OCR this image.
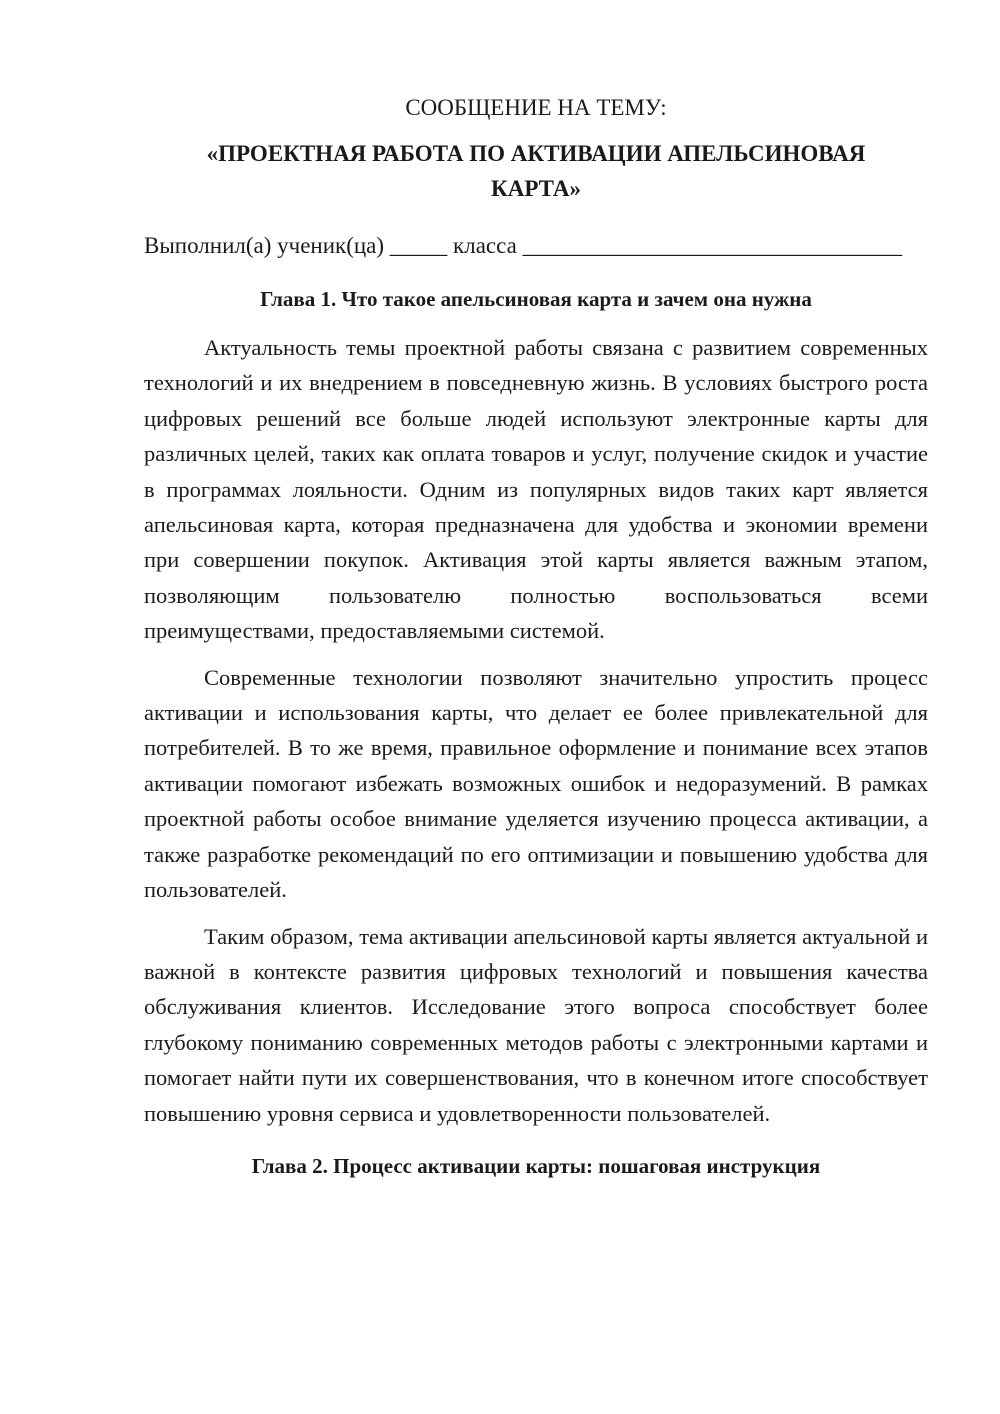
СООБЩЕНИЕ НА ТЕМУ:
«ПРОЕКТНАЯ РАБОТА ПО АКТИВАЦИИ АПЕЛЬСИНОВАЯ КАРТА»
Выполнил(а) ученик(ца) _____ класса _________________________________
Глава 1. Что такое апельсиновая карта и зачем она нужна

Актуальность темы проектной работы связана с развитием современных технологий и их внедрением в повседневную жизнь. В условиях быстрого роста цифровых решений все больше людей используют электронные карты для различных целей, таких как оплата товаров и услуг, получение скидок и участие в программах лояльности. Одним из популярных видов таких карт является апельсиновая карта, которая предназначена для удобства и экономии времени при совершении покупок. Активация этой карты является важным этапом, позволяющим пользователю полностью воспользоваться всеми преимуществами, предоставляемыми системой.

Современные технологии позволяют значительно упростить процесс активации и использования карты, что делает ее более привлекательной для потребителей. В то же время, правильное оформление и понимание всех этапов активации помогают избежать возможных ошибок и недоразумений. В рамках проектной работы особое внимание уделяется изучению процесса активации, а также разработке рекомендаций по его оптимизации и повышению удобства для пользователей.

Таким образом, тема активации апельсиновой карты является актуальной и важной в контексте развития цифровых технологий и повышения качества обслуживания клиентов. Исследование этого вопроса способствует более глубокому пониманию современных методов работы с электронными картами и помогает найти пути их совершенствования, что в конечном итоге способствует повышению уровня сервиса и удовлетворенности пользователей.

Глава 2. Процесс активации карты: пошаговая инструкция
